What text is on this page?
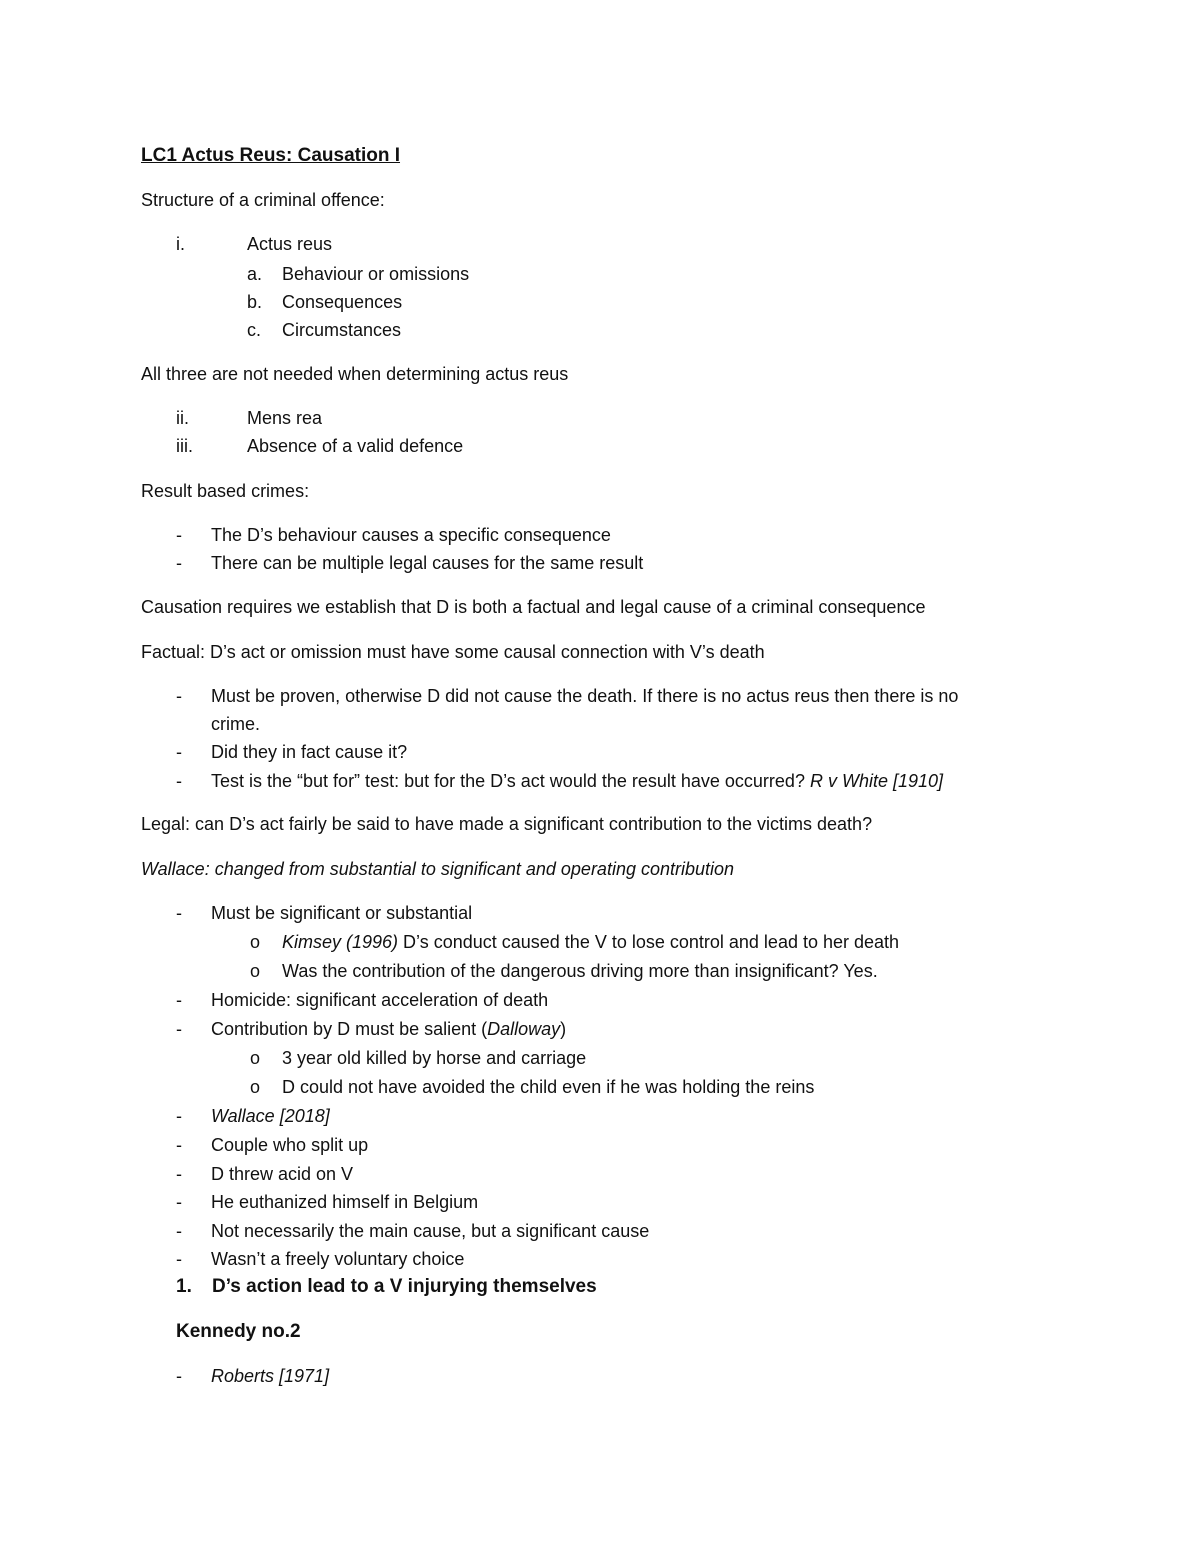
LC1 Actus Reus: Causation I
Structure of a criminal offence:
i.	Actus reus
a. Behaviour or omissions
b. Consequences
c. Circumstances
All three are not needed when determining actus reus
ii.	Mens rea
iii.	Absence of a valid defence
Result based crimes:
- The D’s behaviour causes a specific consequence
- There can be multiple legal causes for the same result
Causation requires we establish that D is both a factual and legal cause of a criminal consequence
Factual: D’s act or omission must have some causal connection with V’s death
- Must be proven, otherwise D did not cause the death. If there is no actus reus then there is no
crime.
- Did they in fact cause it?
- Test is the “but for” test: but for the D’s act would the result have occurred? R v White [1910]
Legal: can D’s act fairly be said to have made a significant contribution to the victims death?
Wallace: changed from substantial to significant and operating contribution
- Must be significant or substantial
o Kimsey (1996) D’s conduct caused the V to lose control and lead to her death
o Was the contribution of the dangerous driving more than insignificant? Yes.
- Homicide: significant acceleration of death
- Contribution by D must be salient (Dalloway)
o 3 year old killed by horse and carriage
o D could not have avoided the child even if he was holding the reins
- Wallace [2018]
- Couple who split up
- D threw acid on V
- He euthanized himself in Belgium
- Not necessarily the main cause, but a significant cause
- Wasn’t a freely voluntary choice
1. D’s action lead to a V injurying themselves
Kennedy no.2
- Roberts [1971]
